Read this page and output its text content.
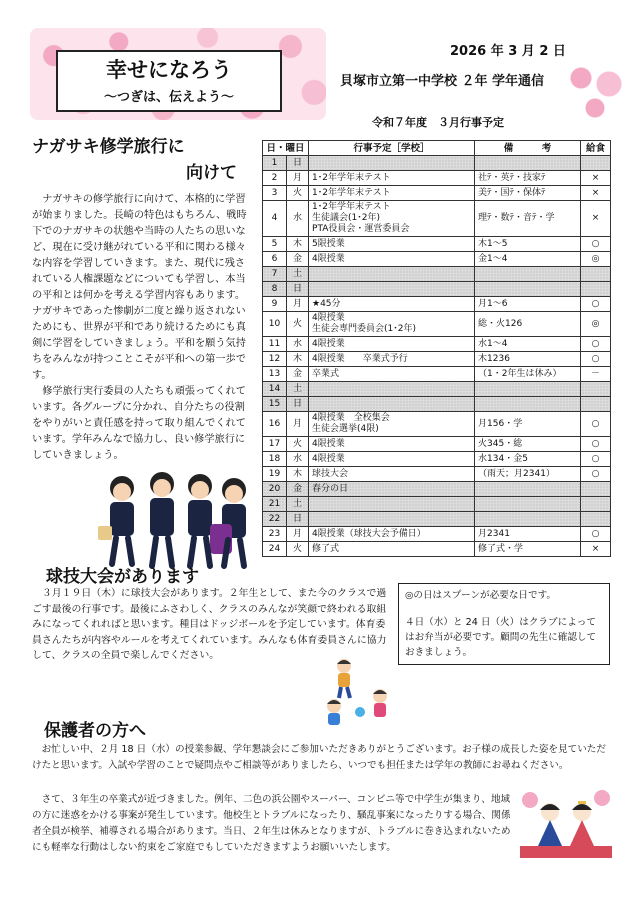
幸せになろう
～つぎは、伝えよう～
2026 年 3 月 2 日
貝塚市立第一中学校 ２年 学年通信
令和７年度　３月行事予定
ナガサキ修学旅行に
向けて

ナガサキの修学旅行に向けて、本格的に学習が始まりました。長崎の特色はもちろん、戦時下でのナガサキの状態や当時の人たちの思いなど、現在に受け継がれている平和に関わる様々な内容を学習していきます。また、現代に残されている人権課題などについても学習し、本当の平和とは何かを考える学習内容もあります。ナガサキであった惨劇が二度と繰り返されないためにも、世界が平和であり続けるためにも真剣に学習をしていきましょう。平和を願う気持ちをみんなが持つことこそが平和への第一歩です。

修学旅行実行委員の人たちも頑張ってくれています。各グループに分かれ、自分たちの役割をやりがいと責任感を持って取り組んでくれています。学年みんなで協力し、良い修学旅行にしていきましょう。

球技大会があります

３月１９日（木）に球技大会があります。２年生として、また今のクラスで過ごす最後の行事です。最後にふさわしく、クラスのみんなが笑顔で終われる取組みになってくれればと思います。種目はドッジボールを予定しています。体育委員さんたちが内容やルールを考えてくれています。みんなも体育委員さんに協力して、クラスの全員で楽しんでください。

◎の日はスプーンが必要な日です。
４日（水）と 24 日（火）はクラブによってはお弁当が必要です。顧問の先生に確認しておきましょう。
保護者の方へ

お忙しい中、２月 18 日（水）の授業参観、学年懇談会にご参加いただきありがとうございます。お子様の成長した姿を見ていただけたと思います。入試や学習のことで疑問点やご相談等がありましたら、いつでも担任または学年の教師にお尋ねください。

さて、３年生の卒業式が近づきました。例年、二色の浜公園やスーパー、コンビニ等で中学生が集まり、地域の方に迷惑をかける事案が発生しています。他校生とトラブルになったり、騒乱事案になったりする場合、関係者全員が検挙、補導される場合があります。当日、２年生は休みとなりますが、トラブルに巻き込まれないためにも軽率な行動はしない約束をご家庭でもしていただきますようお願いいたします。

日・曜日		行事予定［学校］	備　　　考	給食
1	日			
2	月	1･2年学年末テスト	社ﾃ・英ﾃ・技家ﾃ	×
3	火	1･2年学年末テスト	美ﾃ・国ﾃ・保体ﾃ	×
4	水	1･2年学年末テスト
生徒議会(1･2年)
PTA役員会・運営委員会	理ﾃ・数ﾃ・音ﾃ・学	×
5	木	5限授業	木1～5	○
6	金	4限授業	金1～4	◎
7	土			
8	日			
9	月	★45分	月1～6	○
10	火	4限授業
生徒会専門委員会(1･2年)	総・火126	◎
11	水	4限授業	水1～4	○
12	木	4限授業　　卒業式予行	木1236	○
13	金	卒業式	（1・2年生は休み）	－
14	土			
15	日			
16	月	4限授業　全校集会
生徒会選挙(4限)	月156・学	○
17	火	4限授業	火345・総	○
18	水	4限授業	水134・金5	○
19	木	球技大会	（雨天；月2341）	○
20	金	春分の日		
21	土			
22	日			
23	月	4限授業（球技大会予備日）	月2341	○
24	火	修了式	修了式・学	×
